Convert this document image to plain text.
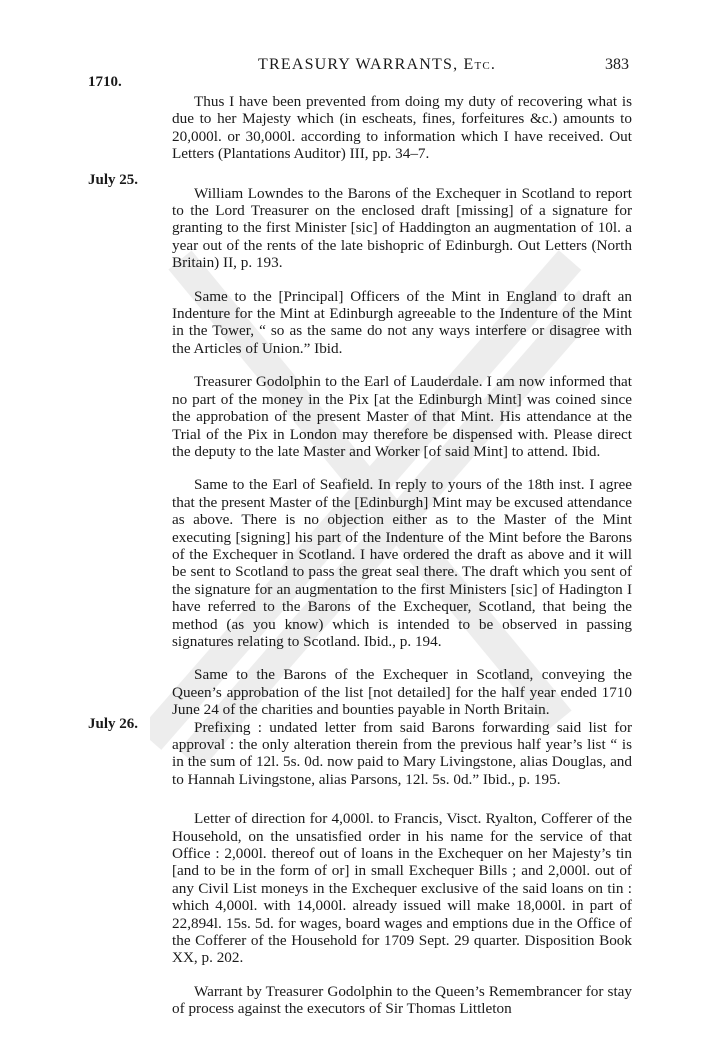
TREASURY WARRANTS, Etc.	383
1710.
July 25.
July 26.

Thus I have been prevented from doing my duty of recovering what is due to her Majesty which (in escheats, fines, forfeitures &c.) amounts to 20,000l. or 30,000l. according to information which I have received. Out Letters (Plantations Auditor) III, pp. 34–7.

William Lowndes to the Barons of the Exchequer in Scotland to report to the Lord Treasurer on the enclosed draft [missing] of a signature for granting to the first Minister [sic] of Haddington an augmentation of 10l. a year out of the rents of the late bishopric of Edinburgh. Out Letters (North Britain) II, p. 193.

Same to the [Principal] Officers of the Mint in England to draft an Indenture for the Mint at Edinburgh agreeable to the Indenture of the Mint in the Tower, “ so as the same do not any ways interfere or disagree with the Articles of Union.” Ibid.

Treasurer Godolphin to the Earl of Lauderdale. I am now informed that no part of the money in the Pix [at the Edinburgh Mint] was coined since the approbation of the present Master of that Mint. His attendance at the Trial of the Pix in London may therefore be dispensed with. Please direct the deputy to the late Master and Worker [of said Mint] to attend. Ibid.

Same to the Earl of Seafield. In reply to yours of the 18th inst. I agree that the present Master of the [Edinburgh] Mint may be excused attendance as above. There is no objection either as to the Master of the Mint executing [signing] his part of the Indenture of the Mint before the Barons of the Exchequer in Scotland. I have ordered the draft as above and it will be sent to Scotland to pass the great seal there. The draft which you sent of the signature for an augmentation to the first Ministers [sic] of Hadington I have referred to the Barons of the Exchequer, Scotland, that being the method (as you know) which is intended to be observed in passing signatures relating to Scotland. Ibid., p. 194.

Same to the Barons of the Exchequer in Scotland, conveying the Queen’s approbation of the list [not detailed] for the half year ended 1710 June 24 of the charities and bounties payable in North Britain.

Prefixing : undated letter from said Barons forwarding said list for approval : the only alteration therein from the previous half year’s list “ is in the sum of 12l. 5s. 0d. now paid to Mary Livingstone, alias Douglas, and to Hannah Livingstone, alias Parsons, 12l. 5s. 0d.” Ibid., p. 195.

Letter of direction for 4,000l. to Francis, Visct. Ryalton, Cofferer of the Household, on the unsatisfied order in his name for the service of that Office : 2,000l. thereof out of loans in the Exchequer on her Majesty’s tin [and to be in the form of or] in small Exchequer Bills ; and 2,000l. out of any Civil List moneys in the Exchequer exclusive of the said loans on tin : which 4,000l. with 14,000l. already issued will make 18,000l. in part of 22,894l. 15s. 5d. for wages, board wages and emptions due in the Office of the Cofferer of the Household for 1709 Sept. 29 quarter. Disposition Book XX, p. 202.

Warrant by Treasurer Godolphin to the Queen’s Remembrancer for stay of process against the executors of Sir Thomas Littleton
